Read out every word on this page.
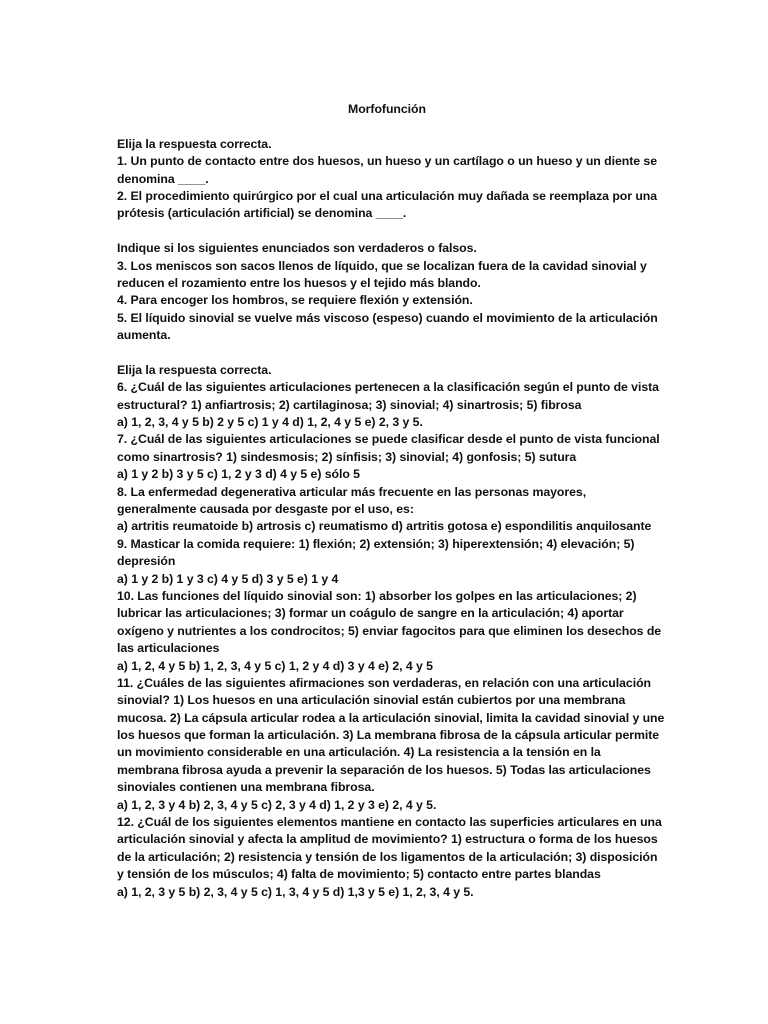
Morfofunción
Elija la respuesta correcta.
1. Un punto de contacto entre dos huesos, un hueso y un cartílago o un hueso y un diente se
denomina ____.
2. El procedimiento quirúrgico por el cual una articulación muy dañada se reemplaza por una
prótesis (articulación artificial) se denomina ____.
Indique si los siguientes enunciados son verdaderos o falsos.
3. Los meniscos son sacos llenos de líquido, que se localizan fuera de la cavidad sinovial y
reducen el rozamiento entre los huesos y el tejido más blando.
4. Para encoger los hombros, se requiere flexión y extensión.
5. El líquido sinovial se vuelve más viscoso (espeso) cuando el movimiento de la articulación
aumenta.
Elija la respuesta correcta.
6. ¿Cuál de las siguientes articulaciones pertenecen a la clasificación según el punto de vista
estructural? 1) anfiartrosis; 2) cartilaginosa; 3) sinovial; 4) sinartrosis; 5) fibrosa
a) 1, 2, 3, 4 y 5 b) 2 y 5 c) 1 y 4 d) 1, 2, 4 y 5 e) 2, 3 y 5.
7. ¿Cuál de las siguientes articulaciones se puede clasificar desde el punto de vista funcional
como sinartrosis? 1) sindesmosis; 2) sínfisis; 3) sinovial; 4) gonfosis; 5) sutura
a) 1 y 2 b) 3 y 5 c) 1, 2 y 3 d) 4 y 5 e) sólo 5
8. La enfermedad degenerativa articular más frecuente en las personas mayores,
generalmente causada por desgaste por el uso, es:
a) artritis reumatoide b) artrosis c) reumatismo d) artritis gotosa e) espondilitis anquilosante
9. Masticar la comida requiere: 1) flexión; 2) extensión; 3) hiperextensión; 4) elevación; 5)
depresión
a) 1 y 2 b) 1 y 3 c) 4 y 5 d) 3 y 5 e) 1 y 4
10. Las funciones del líquido sinovial son: 1) absorber los golpes en las articulaciones; 2)
lubricar las articulaciones; 3) formar un coágulo de sangre en la articulación; 4) aportar
oxígeno y nutrientes a los condrocitos; 5) enviar fagocitos para que eliminen los desechos de
las articulaciones
a) 1, 2, 4 y 5 b) 1, 2, 3, 4 y 5 c) 1, 2 y 4 d) 3 y 4 e) 2, 4 y 5
11. ¿Cuáles de las siguientes afirmaciones son verdaderas, en relación con una articulación
sinovial? 1) Los huesos en una articulación sinovial están cubiertos por una membrana
mucosa. 2) La cápsula articular rodea a la articulación sinovial, limita la cavidad sinovial y une
los huesos que forman la articulación. 3) La membrana fibrosa de la cápsula articular permite
un movimiento considerable en una articulación. 4) La resistencia a la tensión en la
membrana fibrosa ayuda a prevenir la separación de los huesos. 5) Todas las articulaciones
sinoviales contienen una membrana fibrosa.
a) 1, 2, 3 y 4 b) 2, 3, 4 y 5 c) 2, 3 y 4 d) 1, 2 y 3 e) 2, 4 y 5.
12. ¿Cuál de los siguientes elementos mantiene en contacto las superficies articulares en una
articulación sinovial y afecta la amplitud de movimiento? 1) estructura o forma de los huesos
de la articulación; 2) resistencia y tensión de los ligamentos de la articulación; 3) disposición
y tensión de los músculos; 4) falta de movimiento; 5) contacto entre partes blandas
a) 1, 2, 3 y 5 b) 2, 3, 4 y 5 c) 1, 3, 4 y 5 d) 1,3 y 5 e) 1, 2, 3, 4 y 5.
